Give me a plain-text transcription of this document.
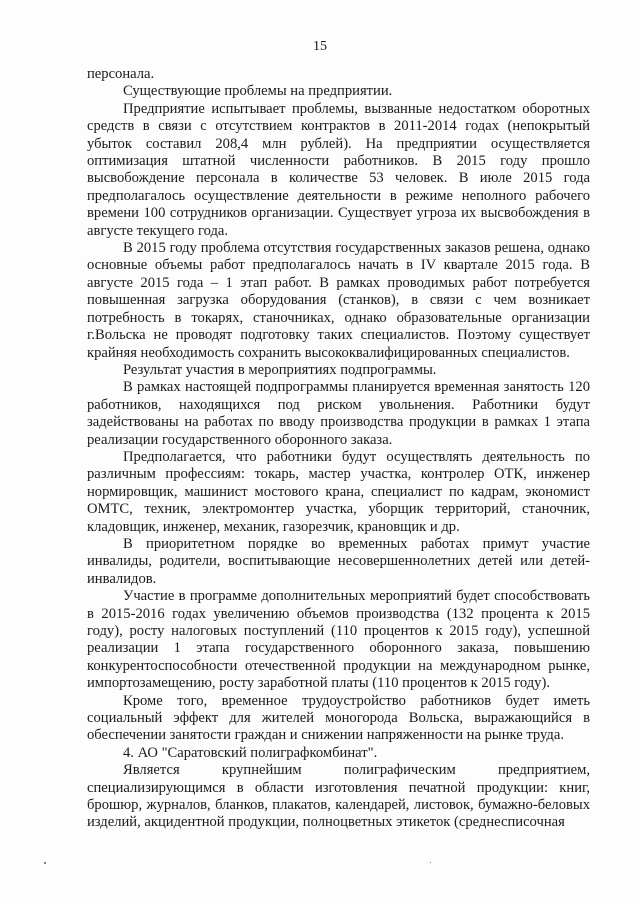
15

персонала.

Существующие проблемы на предприятии.

Предприятие испытывает проблемы, вызванные недостатком оборотных средств в связи с отсутствием контрактов в 2011-2014 годах (непокрытый убыток составил 208,4 млн рублей). На предприятии осуществляется оптимизация штатной численности работников. В 2015 году прошло высвобождение персонала в количестве 53 человек. В июле 2015 года предполагалось осуществление деятельности в режиме неполного рабочего времени 100 сотрудников организации. Существует угроза их высвобождения в августе текущего года.

В 2015 году проблема отсутствия государственных заказов решена, однако основные объемы работ предполагалось начать в IV квартале 2015 года. В августе 2015 года – 1 этап работ. В рамках проводимых работ потребуется повышенная загрузка оборудования (станков), в связи с чем возникает потребность в токарях, станочниках, однако образовательные организации г.Вольска не проводят подготовку таких специалистов. Поэтому существует крайняя необходимость сохранить высококвалифицированных специалистов.

Результат участия в мероприятиях подпрограммы.

В рамках настоящей подпрограммы планируется временная занятость 120 работников, находящихся под риском увольнения. Работники будут задействованы на работах по вводу производства продукции в рамках 1 этапа реализации государственного оборонного заказа.

Предполагается, что работники будут осуществлять деятельность по различным профессиям: токарь, мастер участка, контролер ОТК, инженер нормировщик, машинист мостового крана, специалист по кадрам, экономист ОМТС, техник, электромонтер участка, уборщик территорий, станочник, кладовщик, инженер, механик, газорезчик, крановщик и др.

В приоритетном порядке во временных работах примут участие инвалиды, родители, воспитывающие несовершеннолетних детей или детей-инвалидов.

Участие в программе дополнительных мероприятий будет способствовать в 2015-2016 годах увеличению объемов производства (132 процента к 2015 году), росту налоговых поступлений (110 процентов к 2015 году), успешной реализации 1 этапа государственного оборонного заказа, повышению конкурентоспособности отечественной продукции на международном рынке, импортозамещению, росту заработной платы (110 процентов к 2015 году).

Кроме того, временное трудоустройство работников будет иметь социальный эффект для жителей моногорода Вольска, выражающийся в обеспечении занятости граждан и снижении напряженности на рынке труда.

4. АО "Саратовский полиграфкомбинат".

Является крупнейшим полиграфическим предприятием, специализирующимся в области изготовления печатной продукции: книг, брошюр, журналов, бланков, плакатов, календарей, листовок, бумажно-беловых изделий, акцидентной продукции, полноцветных этикеток (среднесписочная
